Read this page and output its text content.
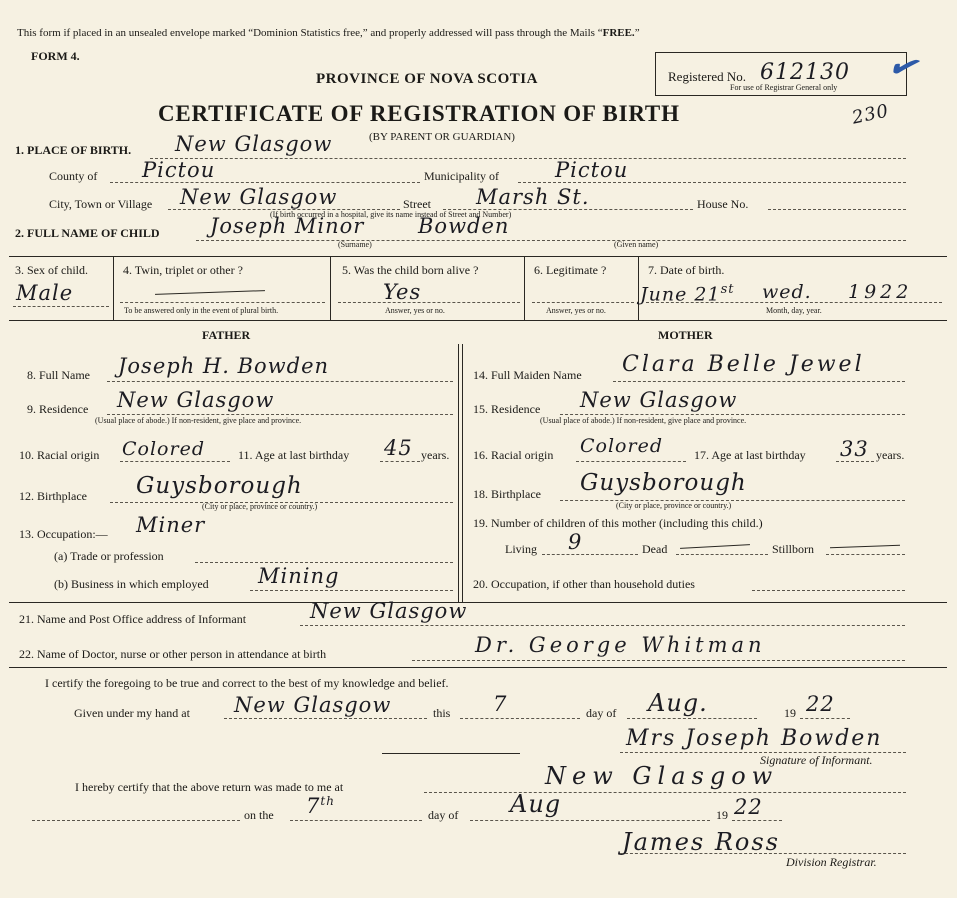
This form if placed in an unsealed envelope marked “Dominion Statistics free,” and properly addressed will pass through the Mails “FREE.”
FORM 4.
PROVINCE OF NOVA SCOTIA
CERTIFICATE OF REGISTRATION OF BIRTH
(BY PARENT OR GUARDIAN)
Registered No. 612130
For use of Registrar General only ✔
230
1. PLACE OF BIRTH. New Glasgow
County of Pictou	Municipality of	Pictou
City, Town or Village New Glasgow	Street Marsh St.	House No.
(If birth occurred in a hospital, give its name instead of Street and Number)
2. FULL NAME OF CHILD Joseph Minor	Bowden
(Surname)	(Given name)
3. Sex of child.
Male
4. Twin, triplet or other ?
To be answered only in the event of plural birth.
5. Was the child born alive ?
Yes
Answer, yes or no.
6. Legitimate ?
Answer, yes or no.
7. Date of birth.
June 21st wed. 1922
Month, day, year.
FATHER	MOTHER
8. Full Name Joseph H. Bowden
9. Residence New Glasgow
(Usual place of abode.) If non-resident, give place and province.
10. Racial origin Colored	11. Age at last birthday 45 years.
12. Birthplace Guysborough
(City or place, province or country.)
13. Occupation:— Miner
(a) Trade or profession
(b) Business in which employed Mining
14. Full Maiden Name Clara Belle Jewel
15. Residence New Glasgow
(Usual place of abode.) If non-resident, give place and province.
16. Racial origin Colored	17. Age at last birthday 33 years.
18. Birthplace Guysborough
(City or place, province or country.)
19. Number of children of this mother (including this child.)
Living 9	Dead	Stillborn
20. Occupation, if other than household duties
21. Name and Post Office address of Informant	New Glasgow
22. Name of Doctor, nurse or other person in attendance at birth	Dr. George Whitman
I certify the foregoing to be true and correct to the best of my knowledge and belief.
Given under my hand at New Glasgow	this 7	day of Aug.	19 22
Mrs Joseph Bowden
Signature of Informant.
I hereby certify that the above return was made to me at	New Glasgow
on the 7th
day of Aug	19 22
James Ross
Division Registrar.
